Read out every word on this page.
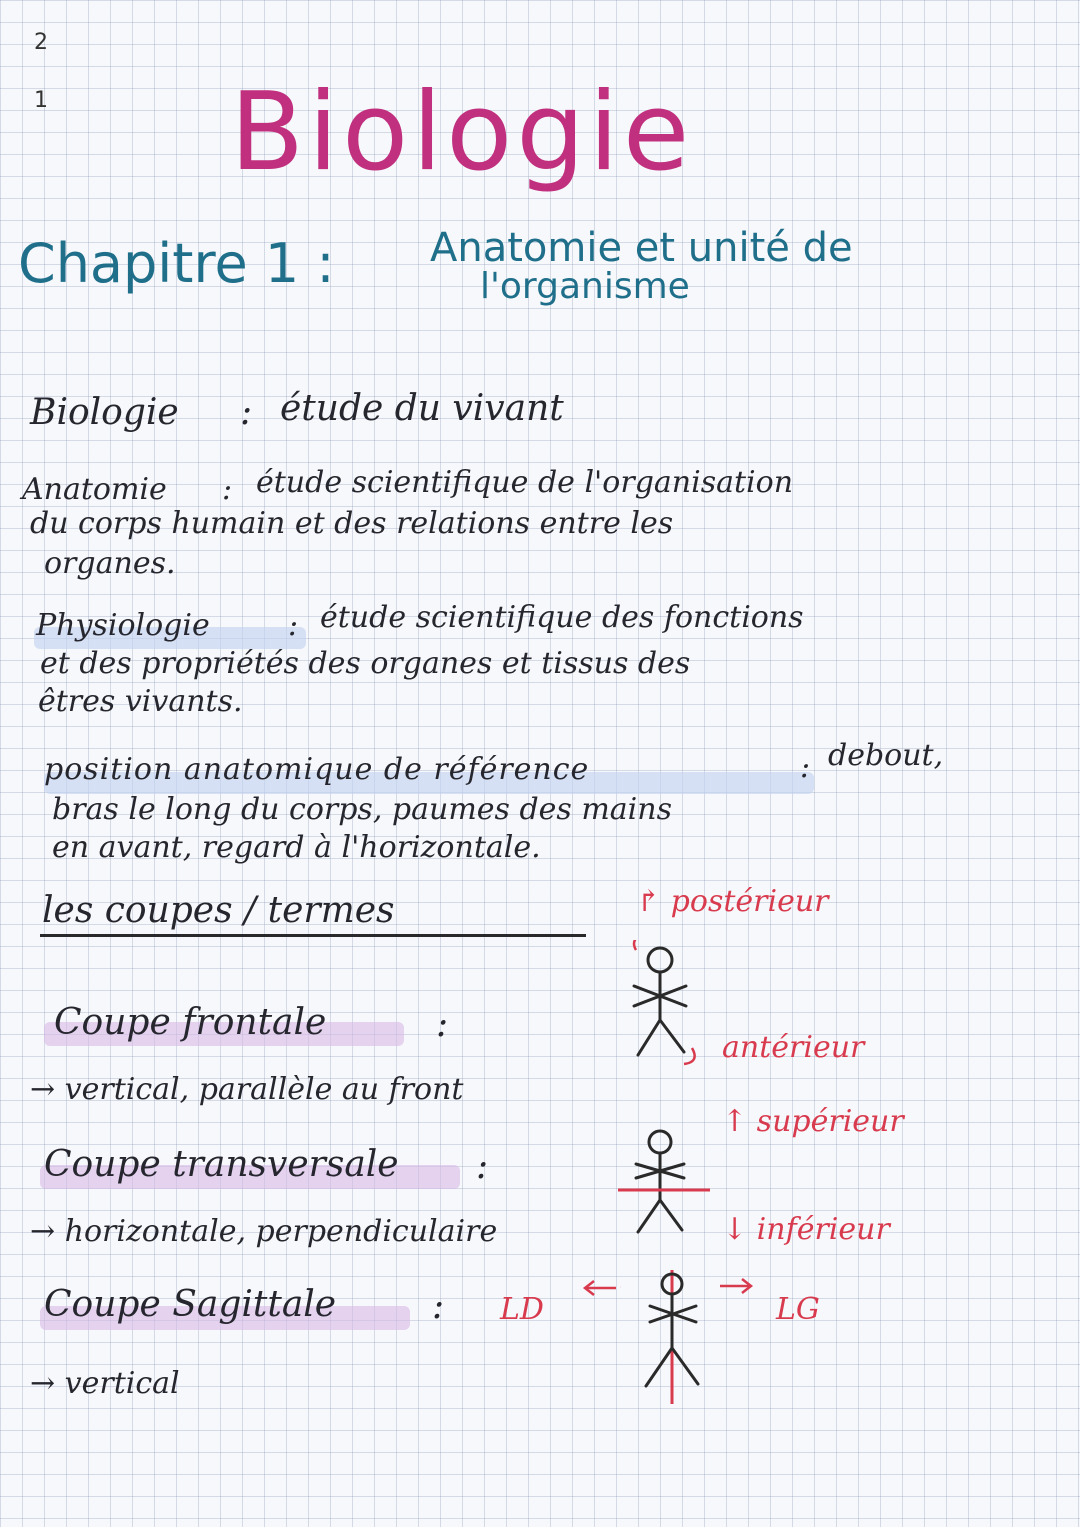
2
1 Biologie
Chapitre 1 : Anatomie et unité de
l'organisme
Biologie : étude du vivant
Anatomie : étude scientifique de l'organisation
du corps humain et des relations entre les
organes.
Physiologie	: étude scientifique des fonctions
et des propriétés des organes et tissus des
êtres vivants.
position anatomique de référence	: debout,
bras le long du corps, paumes des mains
en avant, regard à l'horizontale.
les coupes / termes
Coupe frontale	:
→ vertical, parallèle au front
Coupe transversale :
→ horizontale, perpendiculaire
Coupe Sagittale	:
→ vertical
↱ postérieur
antérieur
↑ supérieur
↓ inférieur
LD	LG
